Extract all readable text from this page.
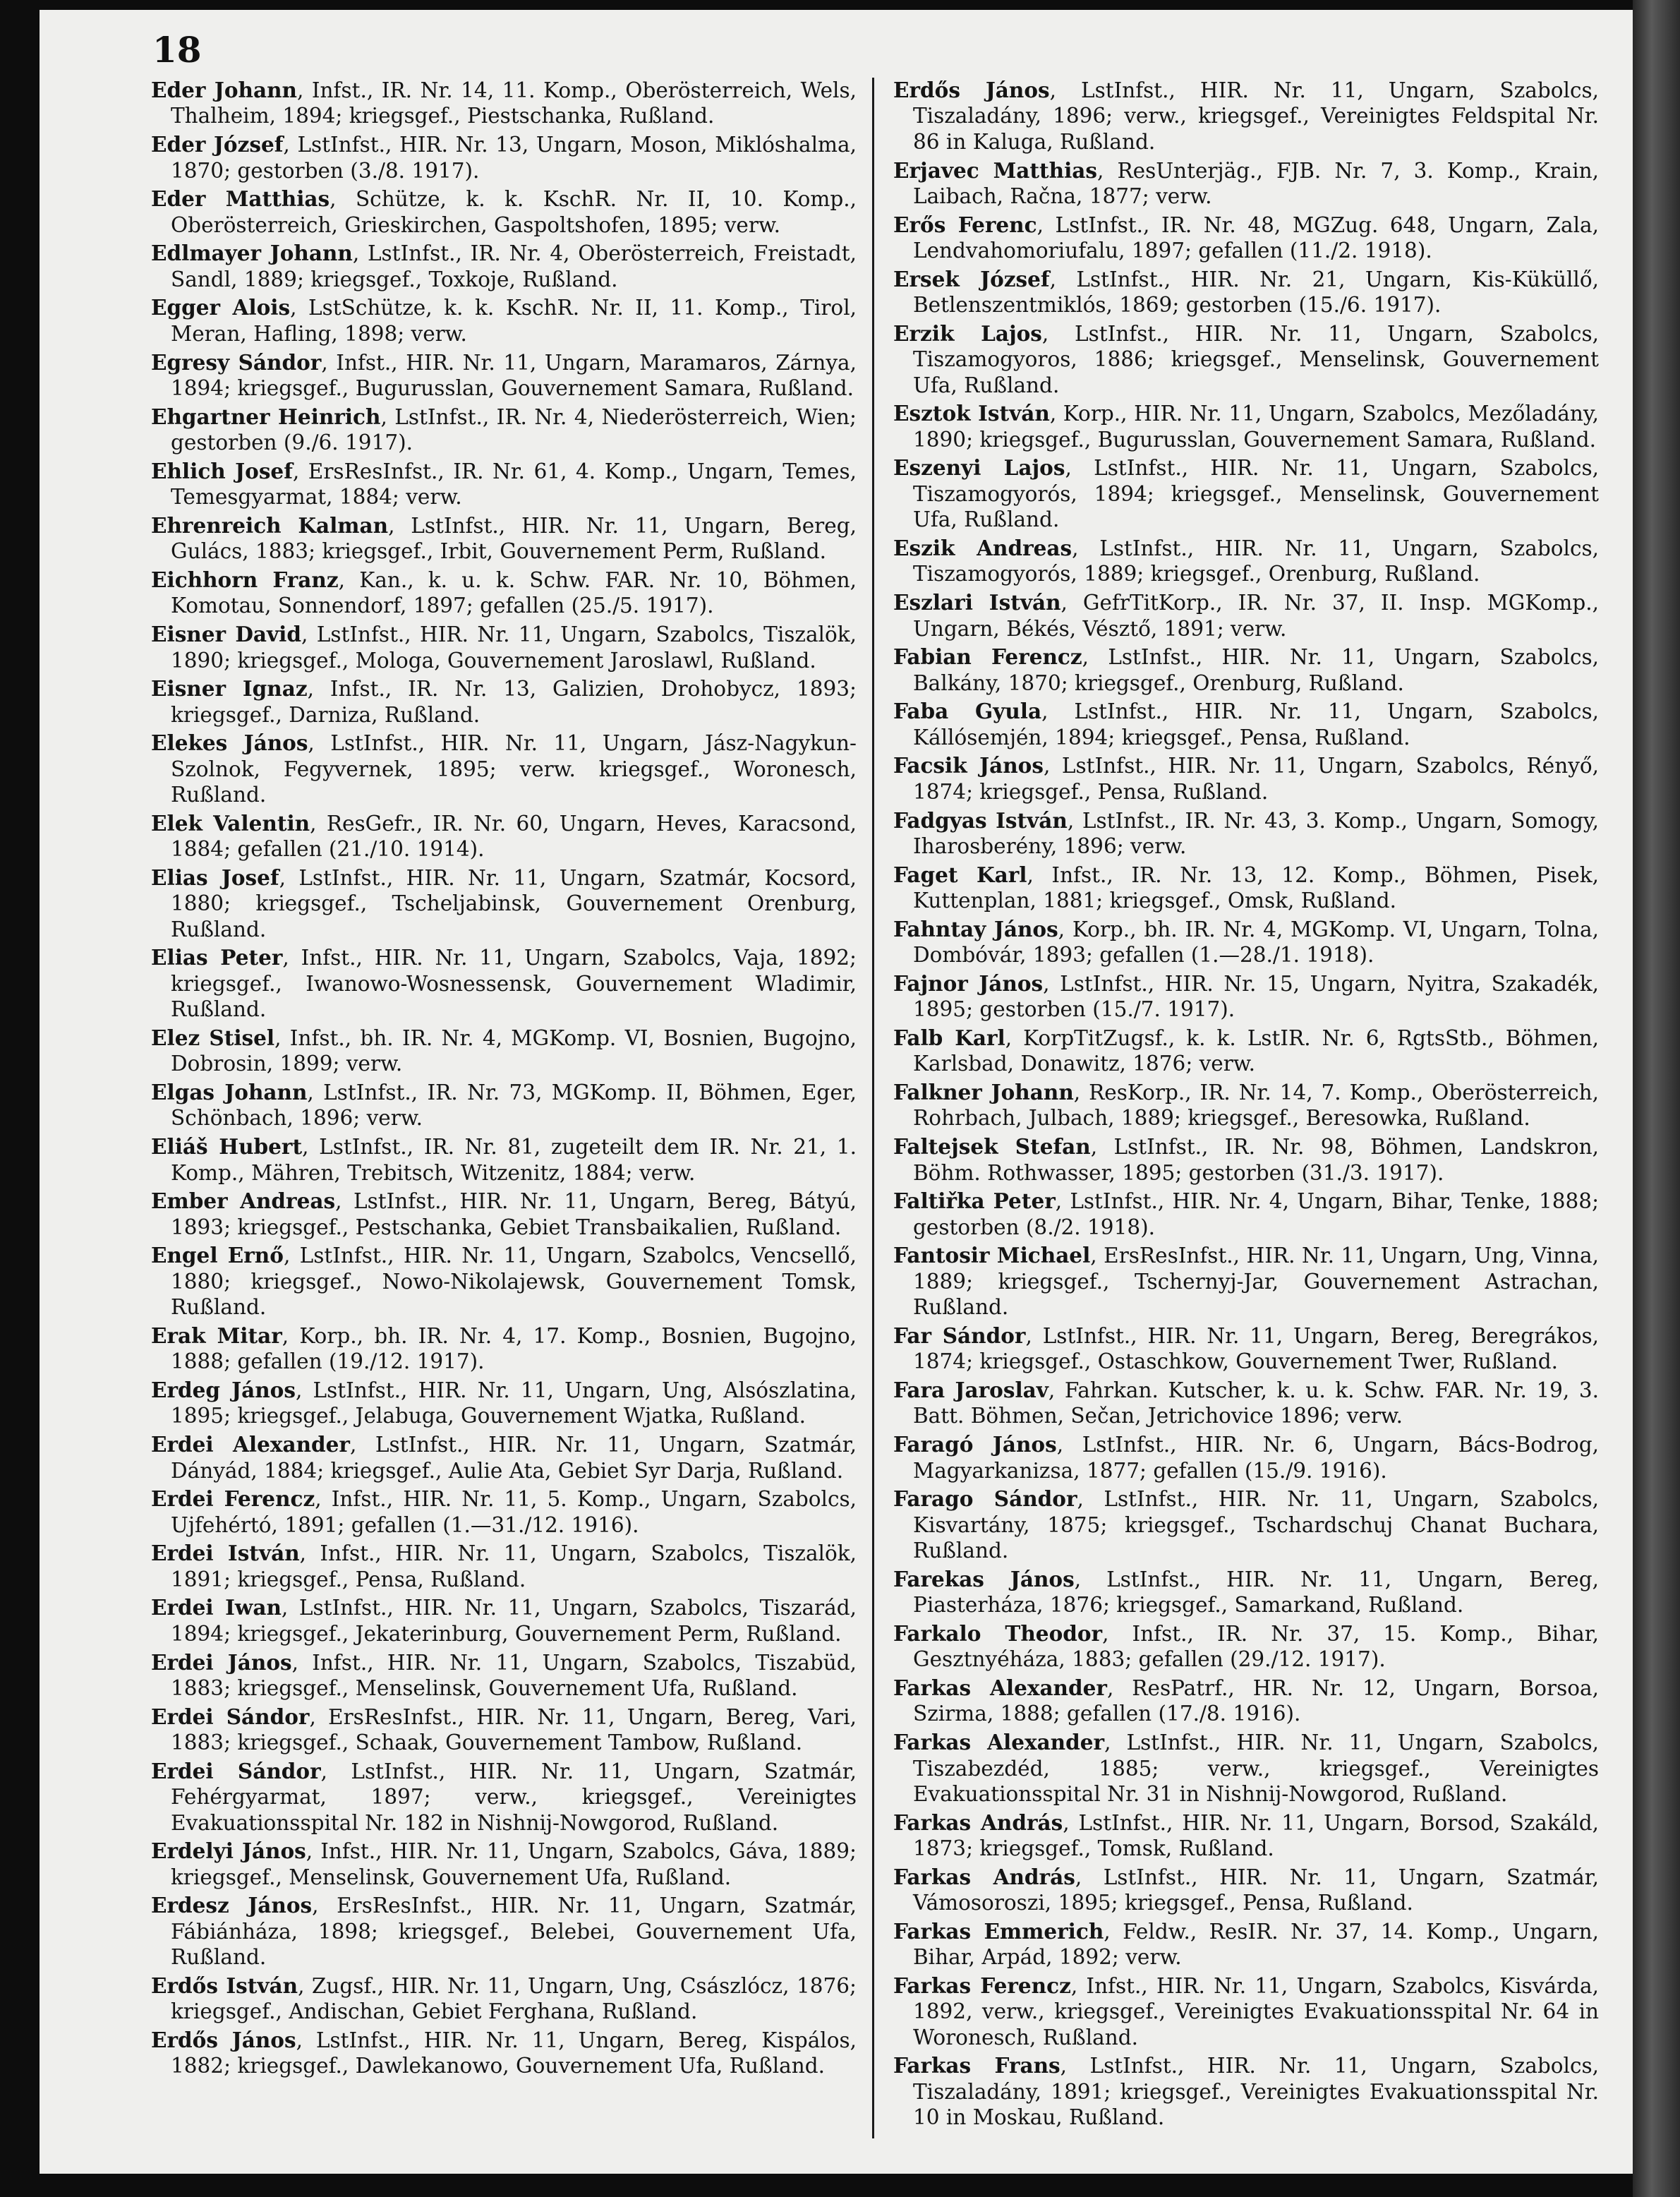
18

Eder Johann, Infst., IR. Nr. 14, 11. Komp., Oberösterreich, Wels, Thalheim, 1894; kriegsgef., Piestschanka, Rußland.

Eder József, LstInfst., HIR. Nr. 13, Ungarn, Moson, Miklóshalma, 1870; gestorben (3./8. 1917).

Eder Matthias, Schütze, k. k. KschR. Nr. II, 10. Komp., Oberösterreich, Grieskirchen, Gaspoltshofen, 1895; verw.

Edlmayer Johann, LstInfst., IR. Nr. 4, Oberösterreich, Freistadt, Sandl, 1889; kriegsgef., Toxkoje, Rußland.

Egger Alois, LstSchütze, k. k. KschR. Nr. II, 11. Komp., Tirol, Meran, Hafling, 1898; verw.

Egresy Sándor, Infst., HIR. Nr. 11, Ungarn, Maramaros, Zárnya, 1894; kriegsgef., Bugurusslan, Gouvernement Samara, Rußland.

Ehgartner Heinrich, LstInfst., IR. Nr. 4, Niederösterreich, Wien; gestorben (9./6. 1917).

Ehlich Josef, ErsResInfst., IR. Nr. 61, 4. Komp., Ungarn, Temes, Temesgyarmat, 1884; verw.

Ehrenreich Kalman, LstInfst., HIR. Nr. 11, Ungarn, Bereg, Gulács, 1883; kriegsgef., Irbit, Gouvernement Perm, Rußland.

Eichhorn Franz, Kan., k. u. k. Schw. FAR. Nr. 10, Böhmen, Komotau, Sonnendorf, 1897; gefallen (25./5. 1917).

Eisner David, LstInfst., HIR. Nr. 11, Ungarn, Szabolcs, Tiszalök, 1890; kriegsgef., Mologa, Gouvernement Jaroslawl, Rußland.

Eisner Ignaz, Infst., IR. Nr. 13, Galizien, Drohobycz, 1893; kriegsgef., Darniza, Rußland.

Elekes János, LstInfst., HIR. Nr. 11, Ungarn, Jász-Nagykun-Szolnok, Fegyvernek, 1895; verw. kriegsgef., Woronesch, Rußland.

Elek Valentin, ResGefr., IR. Nr. 60, Ungarn, Heves, Karacsond, 1884; gefallen (21./10. 1914).

Elias Josef, LstInfst., HIR. Nr. 11, Ungarn, Szatmár, Kocsord, 1880; kriegsgef., Tscheljabinsk, Gouvernement Orenburg, Rußland.

Elias Peter, Infst., HIR. Nr. 11, Ungarn, Szabolcs, Vaja, 1892; kriegsgef., Iwanowo-Wosnessensk, Gouvernement Wladimir, Rußland.

Elez Stisel, Infst., bh. IR. Nr. 4, MGKomp. VI, Bosnien, Bugojno, Dobrosin, 1899; verw.

Elgas Johann, LstInfst., IR. Nr. 73, MGKomp. II, Böhmen, Eger, Schönbach, 1896; verw.

Eliáš Hubert, LstInfst., IR. Nr. 81, zugeteilt dem IR. Nr. 21, 1. Komp., Mähren, Trebitsch, Witzenitz, 1884; verw.

Ember Andreas, LstInfst., HIR. Nr. 11, Ungarn, Bereg, Bátyú, 1893; kriegsgef., Pestschanka, Gebiet Transbaikalien, Rußland.

Engel Ernő, LstInfst., HIR. Nr. 11, Ungarn, Szabolcs, Vencsellő, 1880; kriegsgef., Nowo-Nikolajewsk, Gouvernement Tomsk, Rußland.

Erak Mitar, Korp., bh. IR. Nr. 4, 17. Komp., Bosnien, Bugojno, 1888; gefallen (19./12. 1917).

Erdeg János, LstInfst., HIR. Nr. 11, Ungarn, Ung, Alsószlatina, 1895; kriegsgef., Jelabuga, Gouvernement Wjatka, Rußland.

Erdei Alexander, LstInfst., HIR. Nr. 11, Ungarn, Szatmár, Dányád, 1884; kriegsgef., Aulie Ata, Gebiet Syr Darja, Rußland.

Erdei Ferencz, Infst., HIR. Nr. 11, 5. Komp., Ungarn, Szabolcs, Ujfehértó, 1891; gefallen (1.—31./12. 1916).

Erdei István, Infst., HIR. Nr. 11, Ungarn, Szabolcs, Tiszalök, 1891; kriegsgef., Pensa, Rußland.

Erdei Iwan, LstInfst., HIR. Nr. 11, Ungarn, Szabolcs, Tiszarád, 1894; kriegsgef., Jekaterinburg, Gouvernement Perm, Rußland.

Erdei János, Infst., HIR. Nr. 11, Ungarn, Szabolcs, Tiszabüd, 1883; kriegsgef., Menselinsk, Gouvernement Ufa, Rußland.

Erdei Sándor, ErsResInfst., HIR. Nr. 11, Ungarn, Bereg, Vari, 1883; kriegsgef., Schaak, Gouvernement Tambow, Rußland.

Erdei Sándor, LstInfst., HIR. Nr. 11, Ungarn, Szatmár, Fehérgyarmat, 1897; verw., kriegsgef., Vereinigtes Evakuationsspital Nr. 182 in Nishnij-Nowgorod, Rußland.

Erdelyi János, Infst., HIR. Nr. 11, Ungarn, Szabolcs, Gáva, 1889; kriegsgef., Menselinsk, Gouvernement Ufa, Rußland.

Erdesz János, ErsResInfst., HIR. Nr. 11, Ungarn, Szatmár, Fábiánháza, 1898; kriegsgef., Belebei, Gouvernement Ufa, Rußland.

Erdős István, Zugsf., HIR. Nr. 11, Ungarn, Ung, Császlócz, 1876; kriegsgef., Andischan, Gebiet Ferghana, Rußland.

Erdős János, LstInfst., HIR. Nr. 11, Ungarn, Bereg, Kispálos, 1882; kriegsgef., Dawlekanowo, Gouvernement Ufa, Rußland.

Erdős János, LstInfst., HIR. Nr. 11, Ungarn, Szabolcs, Tiszaladány, 1896; verw., kriegsgef., Vereinigtes Feldspital Nr. 86 in Kaluga, Rußland.

Erjavec Matthias, ResUnterjäg., FJB. Nr. 7, 3. Komp., Krain, Laibach, Račna, 1877; verw.

Erős Ferenc, LstInfst., IR. Nr. 48, MGZug. 648, Ungarn, Zala, Lendvahomoriufalu, 1897; gefallen (11./2. 1918).

Ersek József, LstInfst., HIR. Nr. 21, Ungarn, Kis-Küküllő, Betlenszentmiklós, 1869; gestorben (15./6. 1917).

Erzik Lajos, LstInfst., HIR. Nr. 11, Ungarn, Szabolcs, Tiszamogyoros, 1886; kriegsgef., Menselinsk, Gouvernement Ufa, Rußland.

Esztok István, Korp., HIR. Nr. 11, Ungarn, Szabolcs, Mezőladány, 1890; kriegsgef., Bugurusslan, Gouvernement Samara, Rußland.

Eszenyi Lajos, LstInfst., HIR. Nr. 11, Ungarn, Szabolcs, Tiszamogyorós, 1894; kriegsgef., Menselinsk, Gouvernement Ufa, Rußland.

Eszik Andreas, LstInfst., HIR. Nr. 11, Ungarn, Szabolcs, Tiszamogyorós, 1889; kriegsgef., Orenburg, Rußland.

Eszlari István, GefrTitKorp., IR. Nr. 37, II. Insp. MGKomp., Ungarn, Békés, Vésztő, 1891; verw.

Fabian Ferencz, LstInfst., HIR. Nr. 11, Ungarn, Szabolcs, Balkány, 1870; kriegsgef., Orenburg, Rußland.

Faba Gyula, LstInfst., HIR. Nr. 11, Ungarn, Szabolcs, Kállósemjén, 1894; kriegsgef., Pensa, Rußland.

Facsik János, LstInfst., HIR. Nr. 11, Ungarn, Szabolcs, Rényő, 1874; kriegsgef., Pensa, Rußland.

Fadgyas István, LstInfst., IR. Nr. 43, 3. Komp., Ungarn, Somogy, Iharosberény, 1896; verw.

Faget Karl, Infst., IR. Nr. 13, 12. Komp., Böhmen, Pisek, Kuttenplan, 1881; kriegsgef., Omsk, Rußland.

Fahntay János, Korp., bh. IR. Nr. 4, MGKomp. VI, Ungarn, Tolna, Dombóvár, 1893; gefallen (1.—28./1. 1918).

Fajnor János, LstInfst., HIR. Nr. 15, Ungarn, Nyitra, Szakadék, 1895; gestorben (15./7. 1917).

Falb Karl, KorpTitZugsf., k. k. LstIR. Nr. 6, RgtsStb., Böhmen, Karlsbad, Donawitz, 1876; verw.

Falkner Johann, ResKorp., IR. Nr. 14, 7. Komp., Oberösterreich, Rohrbach, Julbach, 1889; kriegsgef., Beresowka, Rußland.

Faltejsek Stefan, LstInfst., IR. Nr. 98, Böhmen, Landskron, Böhm. Rothwasser, 1895; gestorben (31./3. 1917).

Faltiřka Peter, LstInfst., HIR. Nr. 4, Ungarn, Bihar, Tenke, 1888; gestorben (8./2. 1918).

Fantosir Michael, ErsResInfst., HIR. Nr. 11, Ungarn, Ung, Vinna, 1889; kriegsgef., Tschernyj-Jar, Gouvernement Astrachan, Rußland.

Far Sándor, LstInfst., HIR. Nr. 11, Ungarn, Bereg, Beregrákos, 1874; kriegsgef., Ostaschkow, Gouvernement Twer, Rußland.

Fara Jaroslav, Fahrkan. Kutscher, k. u. k. Schw. FAR. Nr. 19, 3. Batt. Böhmen, Sečan, Jetrichovice 1896; verw.

Faragó János, LstInfst., HIR. Nr. 6, Ungarn, Bács-Bodrog, Magyarkanizsa, 1877; gefallen (15./9. 1916).

Farago Sándor, LstInfst., HIR. Nr. 11, Ungarn, Szabolcs, Kisvartány, 1875; kriegsgef., Tschardschuj Chanat Buchara, Rußland.

Farekas János, LstInfst., HIR. Nr. 11, Ungarn, Bereg, Piasterháza, 1876; kriegsgef., Samarkand, Rußland.

Farkalo Theodor, Infst., IR. Nr. 37, 15. Komp., Bihar, Gesztnyéháza, 1883; gefallen (29./12. 1917).

Farkas Alexander, ResPatrf., HR. Nr. 12, Ungarn, Borsoa, Szirma, 1888; gefallen (17./8. 1916).

Farkas Alexander, LstInfst., HIR. Nr. 11, Ungarn, Szabolcs, Tiszabezdéd, 1885; verw., kriegsgef., Vereinigtes Evakuationsspital Nr. 31 in Nishnij-Nowgorod, Rußland.

Farkas András, LstInfst., HIR. Nr. 11, Ungarn, Borsod, Szakáld, 1873; kriegsgef., Tomsk, Rußland.

Farkas András, LstInfst., HIR. Nr. 11, Ungarn, Szatmár, Vámosoroszi, 1895; kriegsgef., Pensa, Rußland.

Farkas Emmerich, Feldw., ResIR. Nr. 37, 14. Komp., Ungarn, Bihar, Arpád, 1892; verw.

Farkas Ferencz, Infst., HIR. Nr. 11, Ungarn, Szabolcs, Kisvárda, 1892, verw., kriegsgef., Vereinigtes Evakuationsspital Nr. 64 in Woronesch, Rußland.

Farkas Frans, LstInfst., HIR. Nr. 11, Ungarn, Szabolcs, Tiszaladány, 1891; kriegsgef., Vereinigtes Evakuationsspital Nr. 10 in Moskau, Rußland.
